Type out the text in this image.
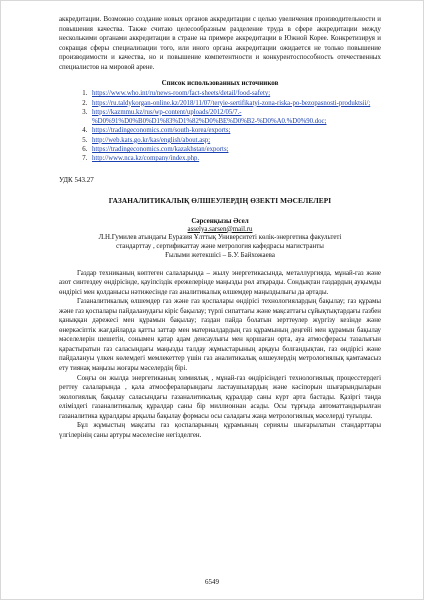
аккредитации. Возможно создание новых органов аккредитации с целью увеличения производительности и повышения качества. Также считаю целесообразным разделение труда в сфере аккредитации между несколькими органами аккредитации в стране на примере аккредитации в Южной Корее. Конкретизируя и сокращая сферы специализации того, или иного органа аккредитации ожидается не только повышение производимости и качества, но и повышение компетентности и конкурентоспособность отечественных специалистов на мировой арене.

Список использованных источников
1. https://www.who.int/ru/news-room/fact-sheets/detail/food-safety;
2. https://ru.taldykorgan-online.kz/2018/11/07/teryie-sertifikatyi-zona-riska-po-bezopasnosti-produktsii/;
3. https://kazmmu.kz/rus/wp-content/uploads/2012/05/7.-%D0%91%D0%B0%D1%83%D1%82%D0%BE%D0%B2-%D0%A0.%D0%90.doc;
4. https://tradingeconomics.com/south-korea/exports;
5. http://web.kats.go.kr/kas/english/about.asp;
6. https://tradingeconomics.com/kazakhstan/exports;
7. http://www.nca.kz/company/index.php.
УДК 543.27
ГАЗАНАЛИТИКАЛЫҚ ӨЛШЕУЛЕРДІҢ ӨЗЕКТІ МӘСЕЛЕЛЕРІ
Сәрсенқызы Әсел
asselya.sarsen@mail.ru
Л.Н.Гумилев атындағы Еуразия Ұлттық Университеті көлік-энергетика факультеті
стандарттау , сертификаттау және метрология кафедрасы магистранты
Ғылыми жетекшісі – Б.У. Байхожаева

Газдар техниканың көптеген салаларында – жылу энергетикасында, металлургияда, мұнай-газ және азот синтездеу өндірісінде, қауіпсіздік ережелерінде маңызды рөл атқарады. Сондықтан газдардың ауқымды өндірісі мен қолданысы нәтижесінде газ аналитикалық өлшемдер маңыздылығы да артады.

Газаналитикалық өлшемдер газ және газ қоспалары өндірісі технологиялардың бақылау; газ құрамы және газ қоспалары пайдаланудағы кіріс бақылау; түрлі сипаттағы және мақсаттағы сұйықтықтардағы газбен қаныққан дәрежесі мен құрамын бақылау; газдан пайда болатын зерттеулер жүргізу кезінде және өнеркәсіптік жағдайларда қатты заттар мен материалдардың газ құрамының деңгейі мен құрамын бақылау мәселелерін шешетін, сонымен қатар адам денсаулығы мен қоршаған орта, ауа атмосферасы тазалығын қарастыратын газ саласындағы маңызды талдау жұмыстарының арқауы болғандықтан, газ өндірісі және пайдалануы үлкен көлемдегі мемлекеттер үшін газ аналитикалық өлшеулердің метрологиялық қамтамасыз ету тиянақ маңызы жоғары мәселердің бірі.

Соңғы он жылда энергетиканың химиялық , мұнай-газ өндірісіндегі технологиялық процесстердегі реттеу салаларында , қала атмосфераларындағы ластаушылардың және кәсіпорын шығарындыларын экологиялық бақылау саласындағы газаналитикалық құралдар саны күрт арта бастады. Қазіргі таңда еліміздегі газаналитикалық құралдар саны бір миллионнан асады. Осы тұрғыда автоматтандырылған газаналитика құралдары арқылы бақылау формасы осы саладағы жаңа метрологиялық мәселерді туғызды.

Бұл жұмыстың мақсаты газ қоспаларының құрамының сериялы шығарылатын стандарттары үлгілерінің саны артуры мәселесіне негізделген.

6549
